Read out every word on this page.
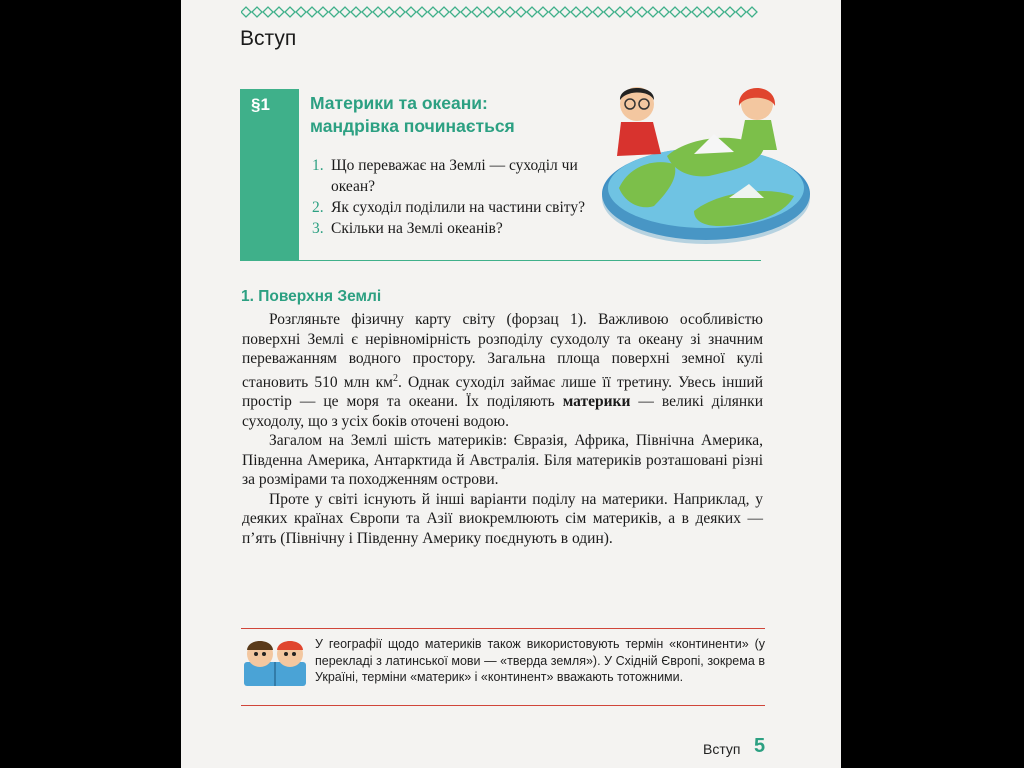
Вступ
§1 Материки та океани:
мандрівка починається
1. Що переважає на Землі — суходіл чи океан?
2. Як суходіл поділили на частини світу?
3. Скільки на Землі океанів?
1. Поверхня Землі

Розгляньте фізичну карту світу (форзац 1). Важливою особливістю поверхні Землі є нерівномірність розподілу суходолу та океану зі значним переважанням водного простору. Загальна площа поверхні земної кулі становить 510 млн $км^2$. Однак суходіл займає лише її третину. Увесь інший простір — це моря та океани. Їх поділяють материки — великі ділянки суходолу, що з усіх боків оточені водою.

Загалом на Землі шість материків: Євразія, Африка, Північна Америка, Південна Америка, Антарктида й Австралія. Біля материків розташовані різні за розмірами та походженням острови.

Проте у світі існують й інші варіанти поділу на материки. Наприклад, у деяких країнах Європи та Азії виокремлюють сім материків, а в деяких — п’ять (Північну і Південну Америку поєднують в один).

У географії щодо материків також використовують термін «континенти» (у перекладі з латинської мови — «тверда земля»). У Східній Європі, зокрема в Україні, терміни «материк» і «континент» вважають тотожними.
Вступ 5
